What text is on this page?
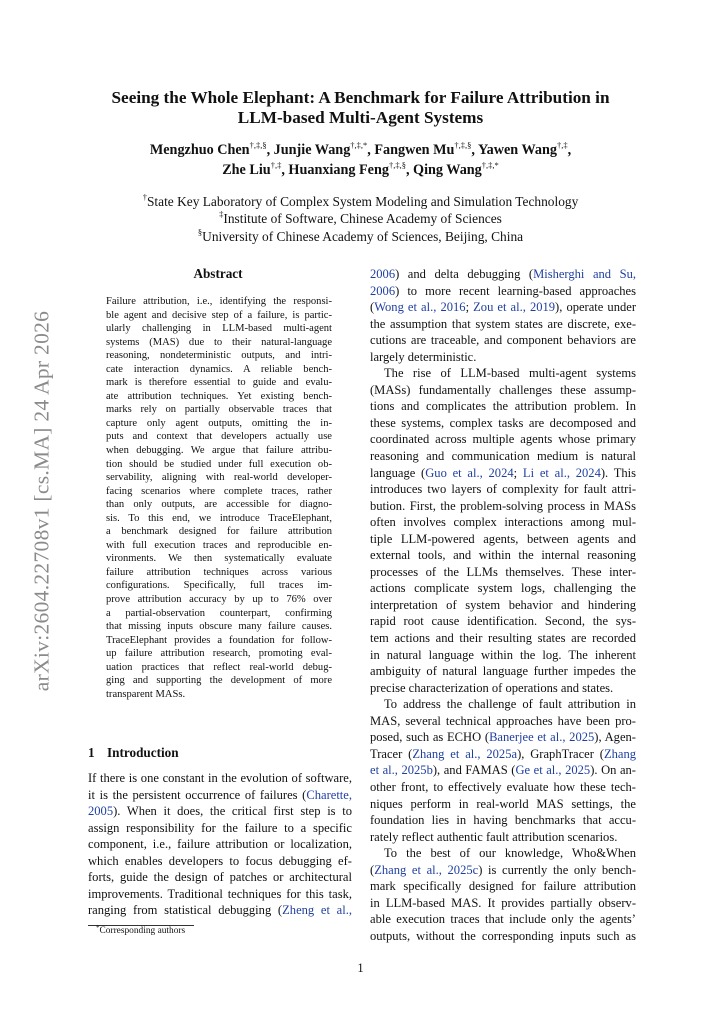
arXiv:2604.22708v1 [cs.MA] 24 Apr 2026
Seeing the Whole Elephant: A Benchmark for Failure Attribution in
LLM-based Multi-Agent Systems
Mengzhuo Chen†,‡,§, Junjie Wang†,‡,*, Fangwen Mu†,‡,§, Yawen Wang†,‡,
Zhe Liu†,‡, Huanxiang Feng†,‡,§, Qing Wang†,‡,*
†State Key Laboratory of Complex System Modeling and Simulation Technology
‡Institute of Software, Chinese Academy of Sciences
§University of Chinese Academy of Sciences, Beijing, China
Abstract
Failure attribution, i.e., identifying the responsi-
ble agent and decisive step of a failure, is partic-
ularly challenging in LLM-based multi-agent
systems (MAS) due to their natural-language
reasoning, nondeterministic outputs, and intri-
cate interaction dynamics. A reliable bench-
mark is therefore essential to guide and evalu-
ate attribution techniques. Yet existing bench-
marks rely on partially observable traces that
capture only agent outputs, omitting the in-
puts and context that developers actually use
when debugging. We argue that failure attribu-
tion should be studied under full execution ob-
servability, aligning with real-world developer-
facing scenarios where complete traces, rather
than only outputs, are accessible for diagno-
sis. To this end, we introduce TraceElephant,
a benchmark designed for failure attribution
with full execution traces and reproducible en-
vironments. We then systematically evaluate
failure attribution techniques across various
configurations. Specifically, full traces im-
prove attribution accuracy by up to 76% over
a partial-observation counterpart, confirming
that missing inputs obscure many failure causes.
TraceElephant provides a foundation for follow-
up failure attribution research, promoting eval-
uation practices that reflect real-world debug-
ging and supporting the development of more
transparent MASs.
1 Introduction
If there is one constant in the evolution of software,
it is the persistent occurrence of failures (Charette,
2005). When it does, the critical first step is to
assign responsibility for the failure to a specific
component, i.e., failure attribution or localization,
which enables developers to focus debugging ef-
forts, guide the design of patches or architectural
improvements. Traditional techniques for this task,
ranging from statistical debugging (Zheng et al.,
2006) and delta debugging (Misherghi and Su,
2006) to more recent learning-based approaches
(Wong et al., 2016; Zou et al., 2019), operate under
the assumption that system states are discrete, exe-
cutions are traceable, and component behaviors are
largely deterministic.
The rise of LLM-based multi-agent systems
(MASs) fundamentally challenges these assump-
tions and complicates the attribution problem. In
these systems, complex tasks are decomposed and
coordinated across multiple agents whose primary
reasoning and communication medium is natural
language (Guo et al., 2024; Li et al., 2024). This
introduces two layers of complexity for fault attri-
bution. First, the problem-solving process in MASs
often involves complex interactions among mul-
tiple LLM-powered agents, between agents and
external tools, and within the internal reasoning
processes of the LLMs themselves. These inter-
actions complicate system logs, challenging the
interpretation of system behavior and hindering
rapid root cause identification. Second, the sys-
tem actions and their resulting states are recorded
in natural language within the log. The inherent
ambiguity of natural language further impedes the
precise characterization of operations and states.
To address the challenge of fault attribution in
MAS, several technical approaches have been pro-
posed, such as ECHO (Banerjee et al., 2025), Agen-
Tracer (Zhang et al., 2025a), GraphTracer (Zhang
et al., 2025b), and FAMAS (Ge et al., 2025). On an-
other front, to effectively evaluate how these tech-
niques perform in real-world MAS settings, the
foundation lies in having benchmarks that accu-
rately reflect authentic fault attribution scenarios.
To the best of our knowledge, Who&When
(Zhang et al., 2025c) is currently the only bench-
mark specifically designed for failure attribution
in LLM-based MAS. It provides partially observ-
able execution traces that include only the agents’
outputs, without the corresponding inputs such as
*Corresponding authors
1
